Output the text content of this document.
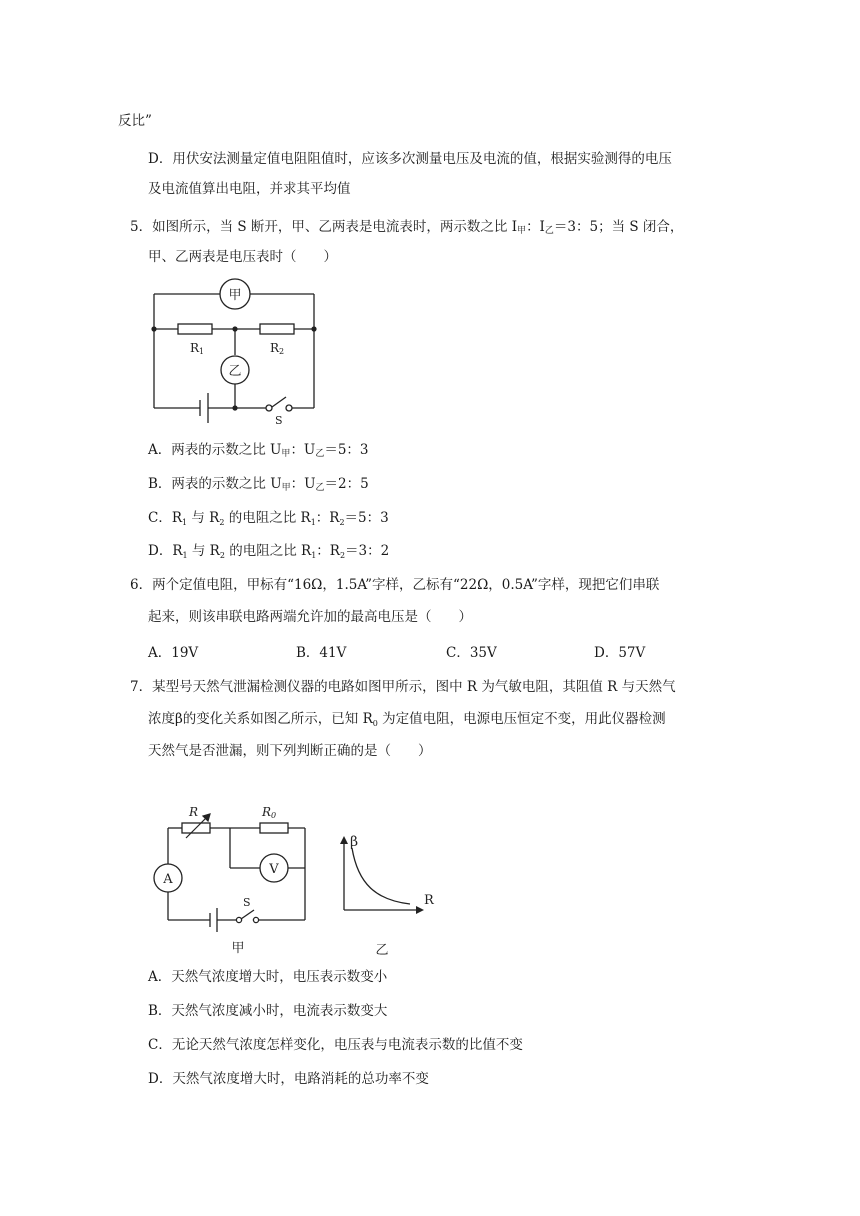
反比”
D．用伏安法测量定值电阻阻值时，应该多次测量电压及电流的值，根据实验测得的电压
及电流值算出电阻，并求其平均值
5．如图所示，当 S 断开，甲、乙两表是电流表时，两示数之比 I甲：I乙＝3：5；当 S 闭合，
甲、乙两表是电压表时（　　）
甲
乙
R1	R2
S
A．两表的示数之比 U甲：U乙＝5：3
B．两表的示数之比 U甲：U乙＝2：5
C．$R_1$ 与 $R_2$ 的电阻之比 $R_1$：$R_2=5$：3
D．$R_1$ 与 $R_2$ 的电阻之比 $R_1$：$R_2=3$：2
6．两个定值电阻，甲标有“16Ω，1.5A”字样，乙标有“22Ω，0.5A”字样，现把它们串联
起来，则该串联电路两端允许加的最高电压是（　　）
A．19V	B．41V	C．35V	D．57V
7．某型号天然气泄漏检测仪器的电路如图甲所示，图中 R 为气敏电阻，其阻值 R 与天然气
浓度β的变化关系如图乙所示，已知 $R_0$ 为定值电阻，电源电压恒定不变，用此仪器检测
天然气是否泄漏，则下列判断正确的是（　　）
R	R0
A
V
S
甲
β
R
乙
A．天然气浓度增大时，电压表示数变小
B．天然气浓度减小时，电流表示数变大
C．无论天然气浓度怎样变化，电压表与电流表示数的比值不变
D．天然气浓度增大时，电路消耗的总功率不变
